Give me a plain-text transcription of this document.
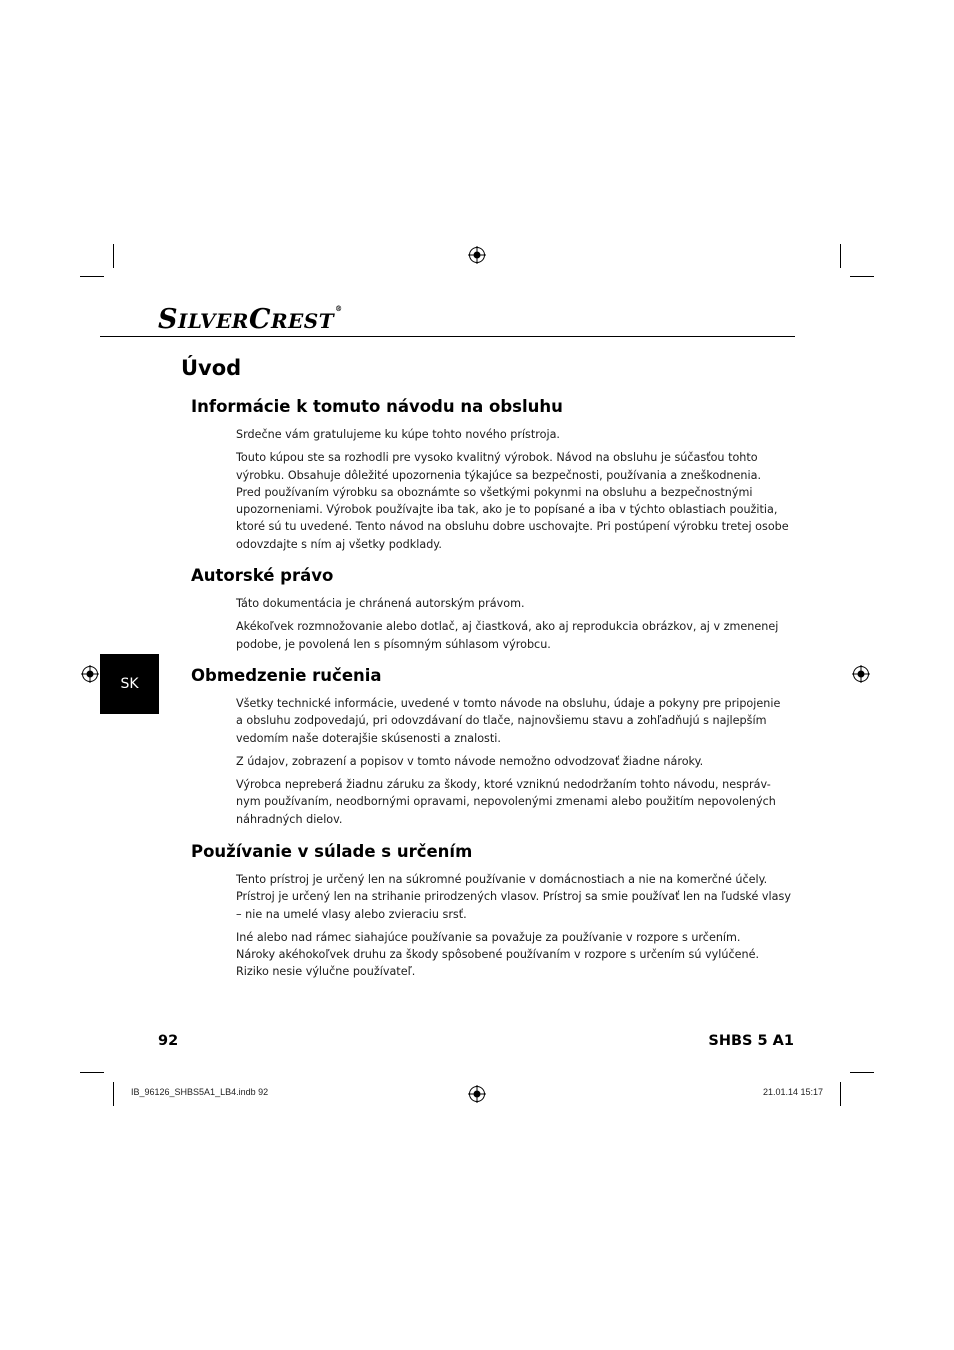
SILVERCREST®
Úvod
SK
Informácie k tomuto návodu na obsluhu

Srdečne vám gratulujeme ku kúpe tohto nového prístroja.

Touto kúpou ste sa rozhodli pre vysoko kvalitný výrobok. Návod na obsluhu je súčasťou tohto
výrobku. Obsahuje dôležité upozornenia týkajúce sa bezpečnosti, používania a zneškodnenia.
Pred používaním výrobku sa oboznámte so všetkými pokynmi na obsluhu a bezpečnostnými
upozorneniami. Výrobok používajte iba tak, ako je to popísané a iba v týchto oblastiach použitia,
ktoré sú tu uvedené. Tento návod na obsluhu dobre uschovajte. Pri postúpení výrobku tretej osobe
odovzdajte s ním aj všetky podklady.

Autorské právo

Táto dokumentácia je chránená autorským právom.

Akékoľvek rozmnožovanie alebo dotlač, aj čiastková, ako aj reprodukcia obrázkov, aj v zmenenej
podobe, je povolená len s písomným súhlasom výrobcu.

Obmedzenie ručenia

Všetky technické informácie, uvedené v tomto návode na obsluhu, údaje a pokyny pre pripojenie
a obsluhu zodpovedajú, pri odovzdávaní do tlače, najnovšiemu stavu a zohľadňujú s najlepším
vedomím naše doterajšie skúsenosti a znalosti.

Z údajov, zobrazení a popisov v tomto návode nemožno odvodzovať žiadne nároky.

Výrobca nepreberá žiadnu záruku za škody, ktoré vzniknú nedodržaním tohto návodu, nespráv-
nym používaním, neodbornými opravami, nepovolenými zmenami alebo použitím nepovolených
náhradných dielov.

Používanie v súlade s určením

Tento prístroj je určený len na súkromné používanie v domácnostiach a nie na komerčné účely.
Prístroj je určený len na strihanie prirodzených vlasov. Prístroj sa smie používať len na ľudské vlasy
– nie na umelé vlasy alebo zvieraciu srsť.

Iné alebo nad rámec siahajúce používanie sa považuje za používanie v rozpore s určením.
Nároky akéhokoľvek druhu za škody spôsobené používaním v rozpore s určením sú vylúčené.
Riziko nesie výlučne používateľ.

92	SHBS 5 A1
IB_96126_SHBS5A1_LB4.indb 92	21.01.14 15:17
